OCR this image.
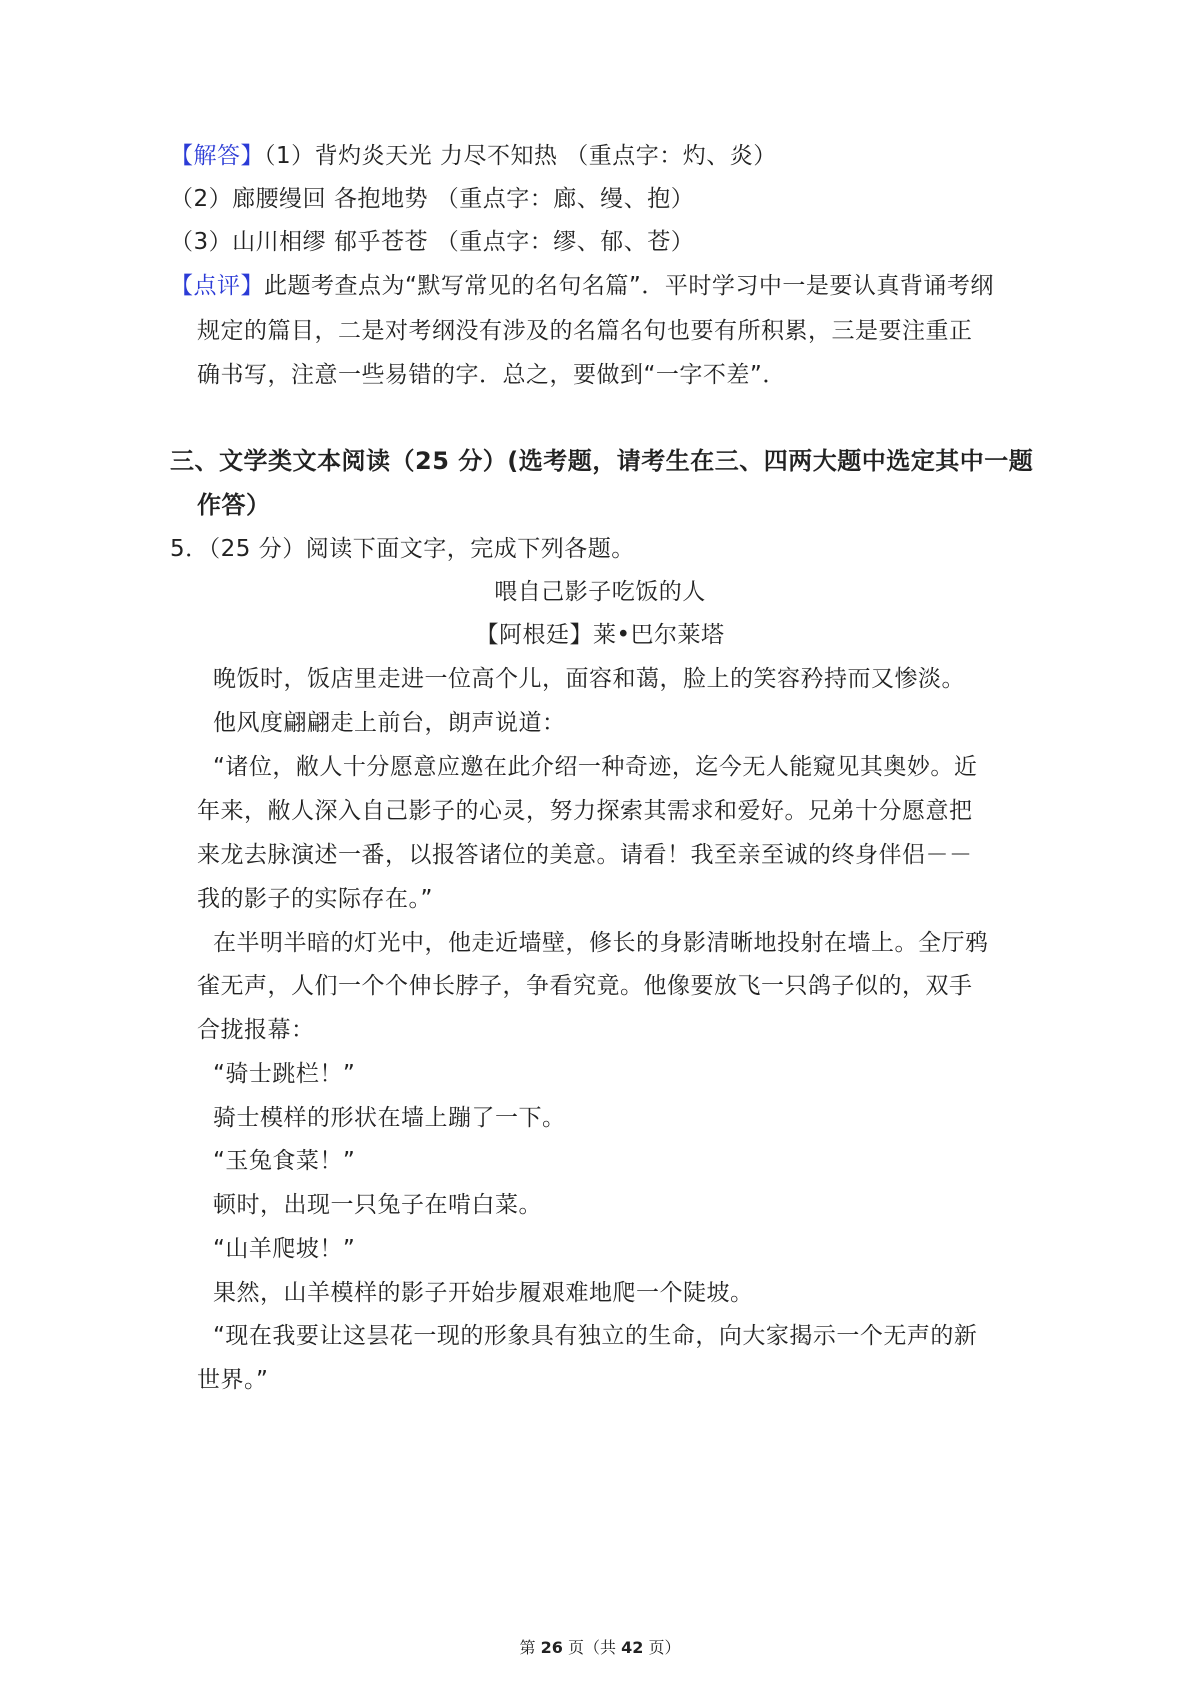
【解答】（1）背灼炎天光 力尽不知热 （重点字：灼、炎）
（2）廊腰缦回 各抱地势 （重点字：廊、缦、抱）
（3）山川相缪 郁乎苍苍 （重点字：缪、郁、苍）
【点评】此题考查点为“默写常见的名句名篇”．平时学习中一是要认真背诵考纲
规定的篇目，二是对考纲没有涉及的名篇名句也要有所积累，三是要注重正
确书写，注意一些易错的字．总之，要做到“一字不差”．
三、文学类文本阅读（25 分）(选考题，请考生在三、四两大题中选定其中一题
作答）
5．（25 分）阅读下面文字，完成下列各题。
喂自己影子吃饭的人
【阿根廷】莱•巴尔莱塔
晚饭时，饭店里走进一位高个儿，面容和蔼，脸上的笑容矜持而又惨淡。
他风度翩翩走上前台，朗声说道：
“诸位，敝人十分愿意应邀在此介绍一种奇迹，迄今无人能窥见其奥妙。近
年来，敝人深入自己影子的心灵，努力探索其需求和爱好。兄弟十分愿意把
来龙去脉演述一番，以报答诸位的美意。请看！我至亲至诚的终身伴侣－－
我的影子的实际存在。”
在半明半暗的灯光中，他走近墙壁，修长的身影清晰地投射在墙上。全厅鸦
雀无声，人们一个个伸长脖子，争看究竟。他像要放飞一只鸽子似的，双手
合拢报幕：
“骑士跳栏！”
骑士模样的形状在墙上蹦了一下。
“玉兔食菜！”
顿时，出现一只兔子在啃白菜。
“山羊爬坡！”
果然，山羊模样的影子开始步履艰难地爬一个陡坡。
“现在我要让这昙花一现的形象具有独立的生命，向大家揭示一个无声的新
世界。”
第 26 页（共 42 页）
